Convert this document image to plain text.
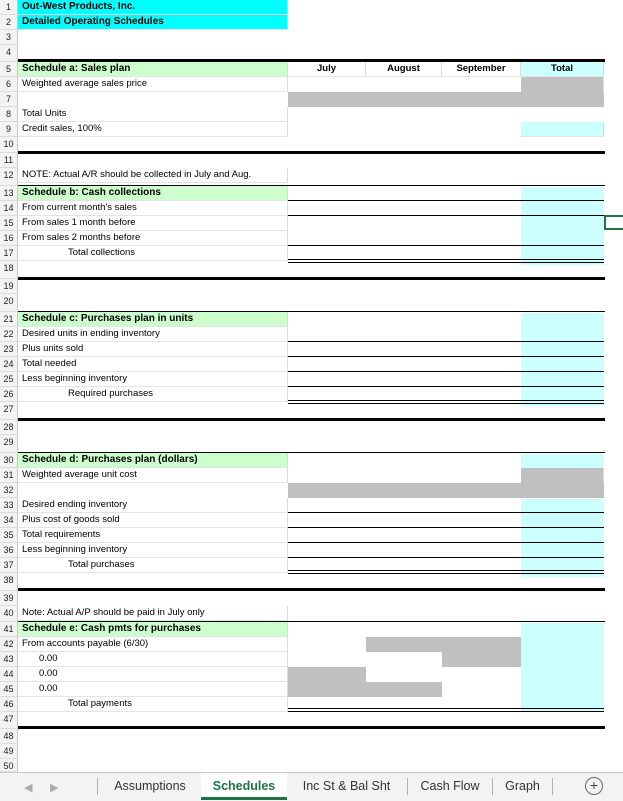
1
2
3
4
5
6
7
8
9
10
11
12
13
14
15
16
17
18
19
20
21
22
23
24
25
26
27
28
29
30
31
32
33
34
35
36
37
38
39
40
41
42
43
44
45
46
47
48
49
50
Out-West Products, Inc.
Detailed Operating Schedules
Schedule a: Sales plan	July	August	September	Total
Weighted average sales price
Total Units
Credit sales, 100%
NOTE: Actual A/R should be collected in July and Aug.
Schedule b: Cash collections
From current month's sales
From sales 1 month before
From sales 2 months before
Total collections
Schedule c: Purchases plan in units
Desired units in ending inventory
Plus units sold
Total needed
Less beginning inventory
Required purchases
Schedule d: Purchases plan (dollars)
Weighted average unit cost
Desired ending inventory
Plus cost of goods sold
Total requirements
Less beginning inventory
Total purchases
Note: Actual A/P should be paid in July only
Schedule e: Cash pmts for purchases
From accounts payable (6/30)
0.00
0.00
0.00
Total payments
◀ ▶	Assumptions	Schedules	Inc St & Bal Sht	Cash Flow	Graph	+
